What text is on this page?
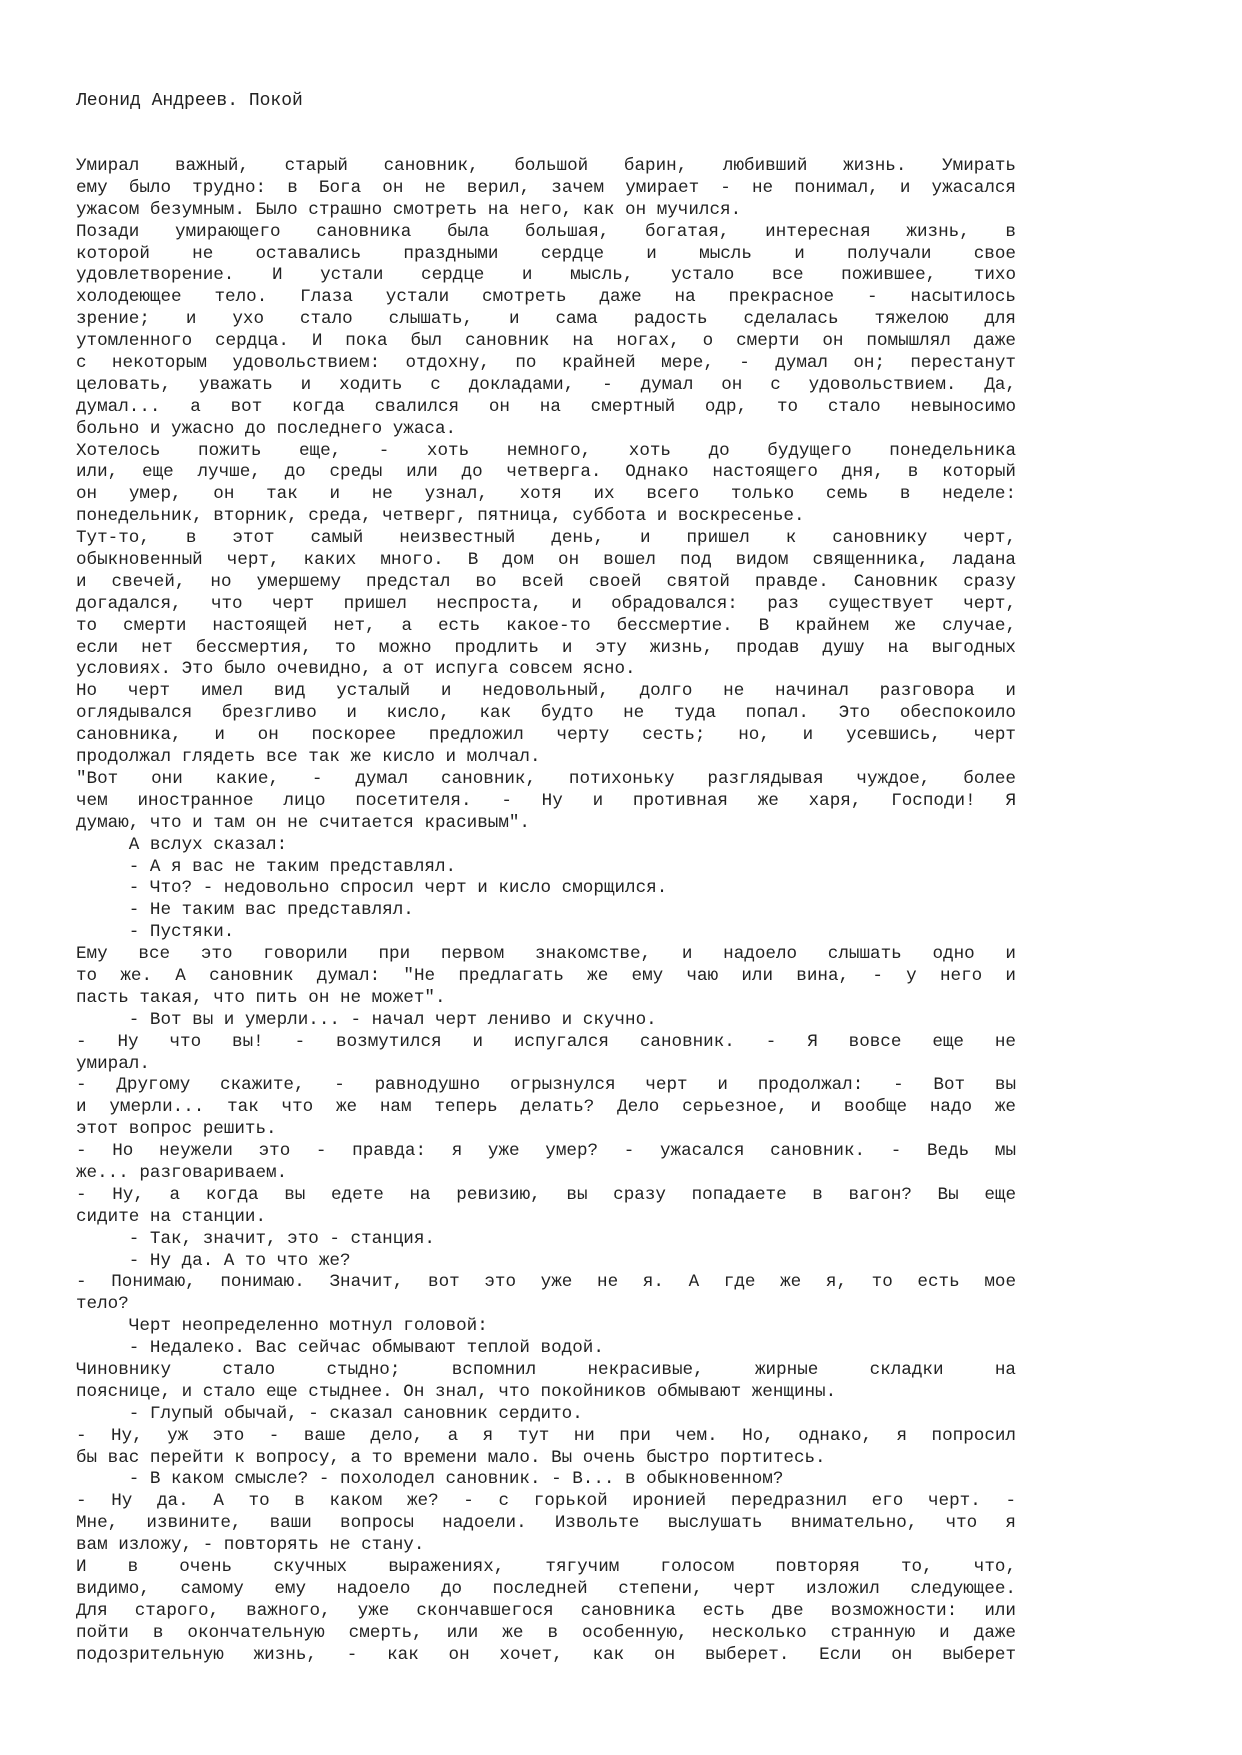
Леонид Андреев. Покой
Умирал важный, старый сановник, большой барин, любивший жизнь. Умирать
ему было трудно: в Бога он не верил, зачем умирает - не понимал, и ужасался
ужасом безумным. Было страшно смотреть на него, как он мучился.
Позади умирающего сановника была большая, богатая, интересная жизнь, в
которой не оставались праздными сердце и мысль и получали свое
удовлетворение. И устали сердце и мысль, устало все пожившее, тихо
холодеющее тело. Глаза устали смотреть даже на прекрасное - насытилось
зрение; и ухо стало слышать, и сама радость сделалась тяжелою для
утомленного сердца. И пока был сановник на ногах, о смерти он помышлял даже
с некоторым удовольствием: отдохну, по крайней мере, - думал он; перестанут
целовать, уважать и ходить с докладами, - думал он с удовольствием. Да,
думал... а вот когда свалился он на смертный одр, то стало невыносимо
больно и ужасно до последнего ужаса.
Хотелось пожить еще, - хоть немного, хоть до будущего понедельника
или, еще лучше, до среды или до четверга. Однако настоящего дня, в который
он умер, он так и не узнал, хотя их всего только семь в неделе:
понедельник, вторник, среда, четверг, пятница, суббота и воскресенье.
Тут-то, в этот самый неизвестный день, и пришел к сановнику черт,
обыкновенный черт, каких много. В дом он вошел под видом священника, ладана
и свечей, но умершему предстал во всей своей святой правде. Сановник сразу
догадался, что черт пришел неспроста, и обрадовался: раз существует черт,
то смерти настоящей нет, а есть какое-то бессмертие. В крайнем же случае,
если нет бессмертия, то можно продлить и эту жизнь, продав душу на выгодных
условиях. Это было очевидно, а от испуга совсем ясно.
Но черт имел вид усталый и недовольный, долго не начинал разговора и
оглядывался брезгливо и кисло, как будто не туда попал. Это обеспокоило
сановника, и он поскорее предложил черту сесть; но, и усевшись, черт
продолжал глядеть все так же кисло и молчал.
"Вот они какие, - думал сановник, потихоньку разглядывая чуждое, более
чем иностранное лицо посетителя. - Ну и противная же харя, Господи! Я
думаю, что и там он не считается красивым".
А вслух сказал:
- А я вас не таким представлял.
- Что? - недовольно спросил черт и кисло сморщился.
- Не таким вас представлял.
- Пустяки.
Ему все это говорили при первом знакомстве, и надоело слышать одно и
то же. А сановник думал: "Не предлагать же ему чаю или вина, - у него и
пасть такая, что пить он не может".
- Вот вы и умерли... - начал черт лениво и скучно.
- Ну что вы! - возмутился и испугался сановник. - Я вовсе еще не
умирал.
- Другому скажите, - равнодушно огрызнулся черт и продолжал: - Вот вы
и умерли... так что же нам теперь делать? Дело серьезное, и вообще надо же
этот вопрос решить.
- Но неужели это - правда: я уже умер? - ужасался сановник. - Ведь мы
же... разговариваем.
- Ну, а когда вы едете на ревизию, вы сразу попадаете в вагон? Вы еще
сидите на станции.
- Так, значит, это - станция.
- Ну да. А то что же?
- Понимаю, понимаю. Значит, вот это уже не я. А где же я, то есть мое
тело?
Черт неопределенно мотнул головой:
- Недалеко. Вас сейчас обмывают теплой водой.
Чиновнику стало стыдно; вспомнил некрасивые, жирные складки на
пояснице, и стало еще стыднее. Он знал, что покойников обмывают женщины.
- Глупый обычай, - сказал сановник сердито.
- Ну, уж это - ваше дело, а я тут ни при чем. Но, однако, я попросил
бы вас перейти к вопросу, а то времени мало. Вы очень быстро портитесь.
- В каком смысле? - похолодел сановник. - В... в обыкновенном?
- Ну да. А то в каком же? - с горькой иронией передразнил его черт. -
Мне, извините, ваши вопросы надоели. Извольте выслушать внимательно, что я
вам изложу, - повторять не стану.
И в очень скучных выражениях, тягучим голосом повторяя то, что,
видимо, самому ему надоело до последней степени, черт изложил следующее.
Для старого, важного, уже скончавшегося сановника есть две возможности: или
пойти в окончательную смерть, или же в особенную, несколько странную и даже
подозрительную жизнь, - как он хочет, как он выберет. Если он выберет
